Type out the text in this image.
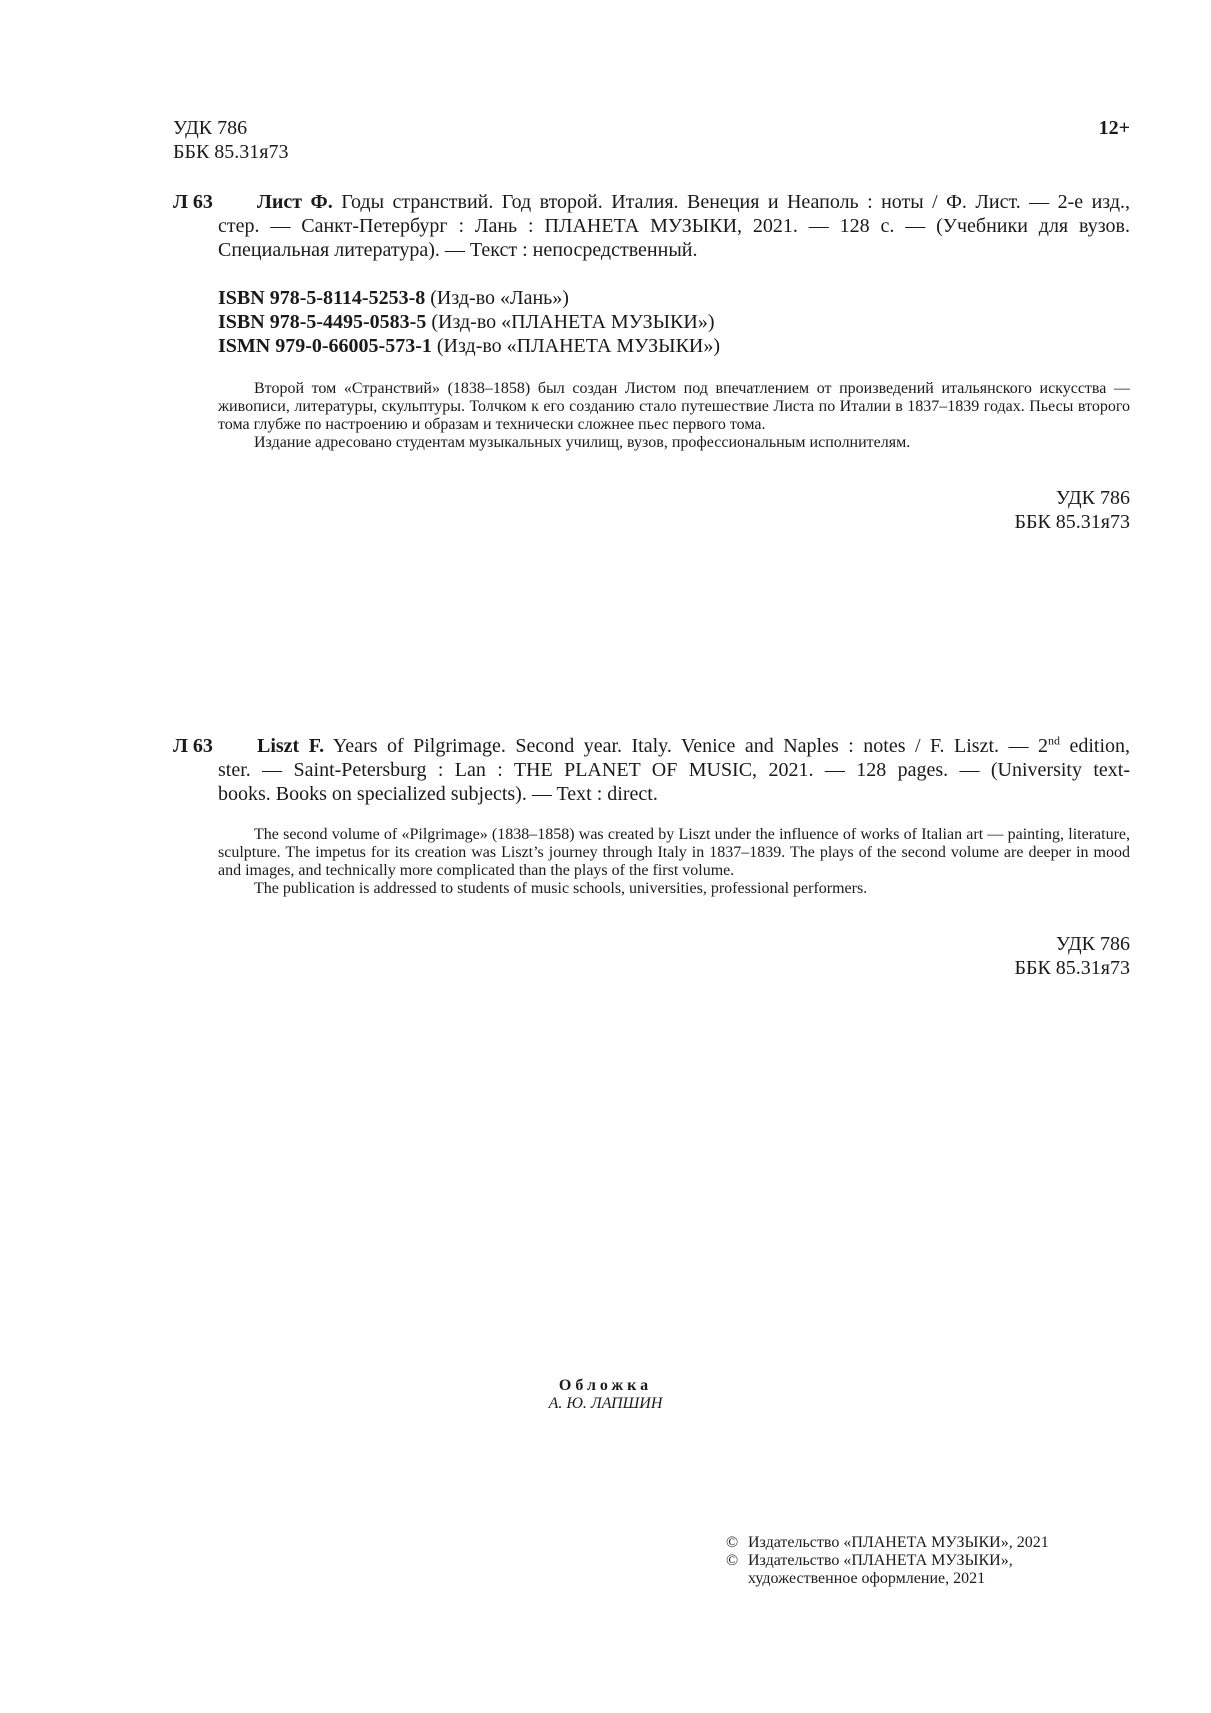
УДК 786
ББК 85.31я73
12+
Л 63 Лист Ф. Годы странствий. Год второй. Италия. Венеция и Неаполь : ноты / Ф. Лист. — 2-е изд.,
стер. — Санкт-Петербург : Лань : ПЛАНЕТА МУЗЫКИ, 2021. — 128 с. — (Учебники для вузов.
Специальная литература). — Текст : непосредственный.
ISBN 978-5-8114-5253-8 (Изд-во «Лань»)
ISBN 978-5-4495-0583-5 (Изд-во «ПЛАНЕТА МУЗЫКИ»)
ISMN 979-0-66005-573-1 (Изд-во «ПЛАНЕТА МУЗЫКИ»)
Второй том «Странствий» (1838–1858) был создан Листом под впечатлением от произведений итальянского искусства — живописи, литературы, скульптуры. Толчком к его созданию стало путешествие Листа по Италии в 1837–1839 годах. Пьесы второго тома глубже по настроению и образам и технически сложнее пьес первого тома.
Издание адресовано студентам музыкальных училищ, вузов, профессиональным исполнителям.
УДК 786
ББК 85.31я73
Л 63 Liszt F. Years of Pilgrimage. Second year. Italy. Venice and Naples : notes / F. Liszt. — 2nd edition,
ster. — Saint-Petersburg : Lan : THE PLANET OF MUSIC, 2021. — 128 pages. — (University text-
books. Books on specialized subjects). — Text : direct.
The second volume of «Pilgrimage» (1838–1858) was created by Liszt under the influence of works of Italian art — painting, literature, sculpture. The impetus for its creation was Liszt’s journey through Italy in 1837–1839. The plays of the second volume are deeper in mood and images, and technically more complicated than the plays of the first volume.
The publication is addressed to students of music schools, universities, professional performers.
УДК 786
ББК 85.31я73
Обложка
А. Ю. ЛАПШИН
© Издательство «ПЛАНЕТА МУЗЫКИ», 2021
© Издательство «ПЛАНЕТА МУЗЫКИ»,
художественное оформление, 2021
